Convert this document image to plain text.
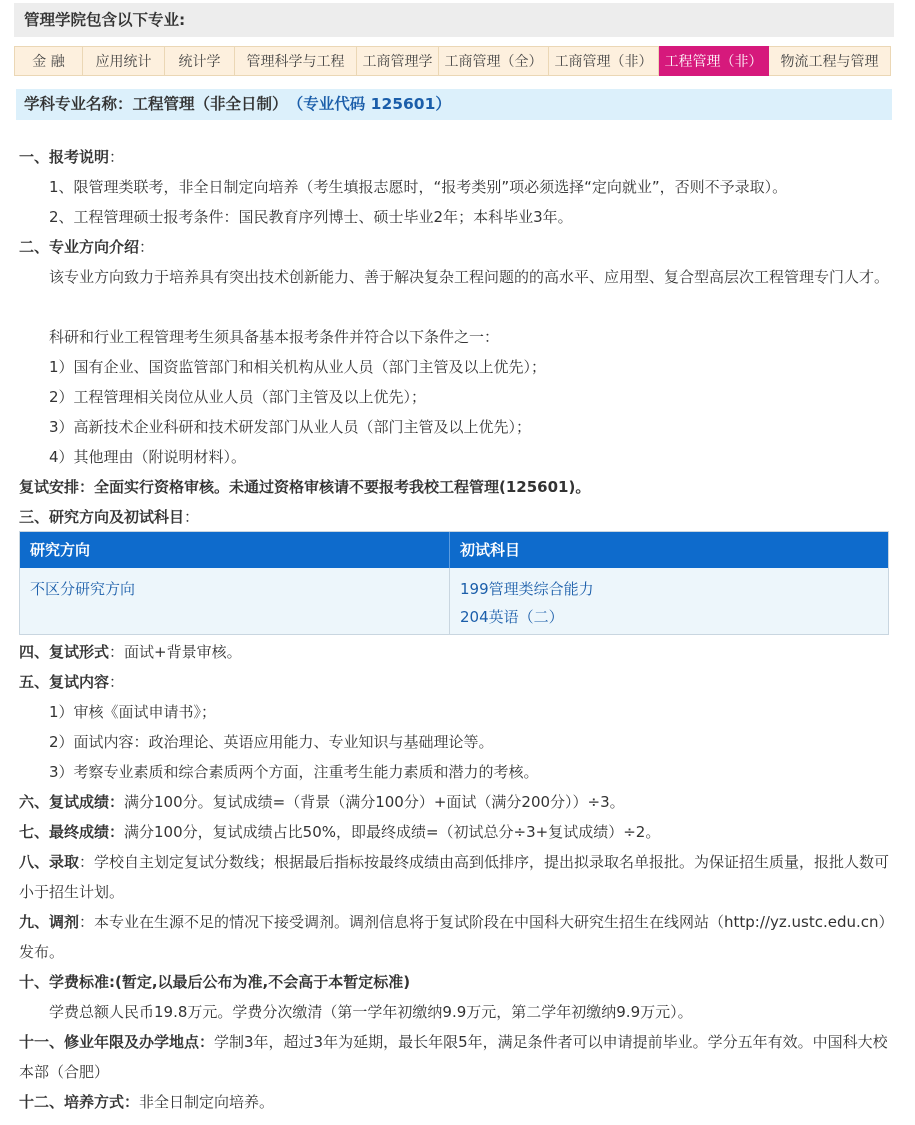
管理学院包含以下专业:
金 融	应用统计	统计学	管理科学与工程	工商管理学 工商管理（全） 工商管理（非） 工程管理（非）	物流工程与管理
学科专业名称：工程管理（非全日制） （专业代码 125601）
一、报考说明：
1、限管理类联考，非全日制定向培养（考生填报志愿时，“报考类别”项必须选择“定向就业”，否则不予录取）。
2、工程管理硕士报考条件：国民教育序列博士、硕士毕业2年；本科毕业3年。
二、专业方向介绍：
该专业方向致力于培养具有突出技术创新能力、善于解决复杂工程问题的的高水平、应用型、复合型高层次工程管理专门人才。
科研和行业工程管理考生须具备基本报考条件并符合以下条件之一：
1）国有企业、国资监管部门和相关机构从业人员（部门主管及以上优先）；
2）工程管理相关岗位从业人员（部门主管及以上优先）；
3）高新技术企业科研和技术研发部门从业人员（部门主管及以上优先）；
4）其他理由（附说明材料）。
复试安排：全面实行资格审核。未通过资格审核请不要报考我校工程管理(125601)。
三、研究方向及初试科目：
研究方向	初试科目
不区分研究方向	199管理类综合能力
204英语（二）
四、复试形式：面试+背景审核。
五、复试内容：
1）审核《面试申请书》；
2）面试内容：政治理论、英语应用能力、专业知识与基础理论等。
3）考察专业素质和综合素质两个方面，注重考生能力素质和潜力的考核。
六、复试成绩：满分100分。复试成绩=（背景（满分100分）+面试（满分200分））÷3。
七、最终成绩：满分100分，复试成绩占比50%，即最终成绩=（初试总分÷3+复试成绩）÷2。
八、录取：学校自主划定复试分数线；根据最后指标按最终成绩由高到低排序，提出拟录取名单报批。为保证招生质量，报批人数可小于招生计划。
九、调剂：本专业在生源不足的情况下接受调剂。调剂信息将于复试阶段在中国科大研究生招生在线网站（http://yz.ustc.edu.cn）发布。
十、学费标准:(暂定,以最后公布为准,不会高于本暂定标准)
学费总额人民币19.8万元。学费分次缴清（第一学年初缴纳9.9万元，第二学年初缴纳9.9万元）。
十一、修业年限及办学地点：学制3年，超过3年为延期，最长年限5年，满足条件者可以申请提前毕业。学分五年有效。中国科大校本部（合肥）
十二、培养方式：非全日制定向培养。
